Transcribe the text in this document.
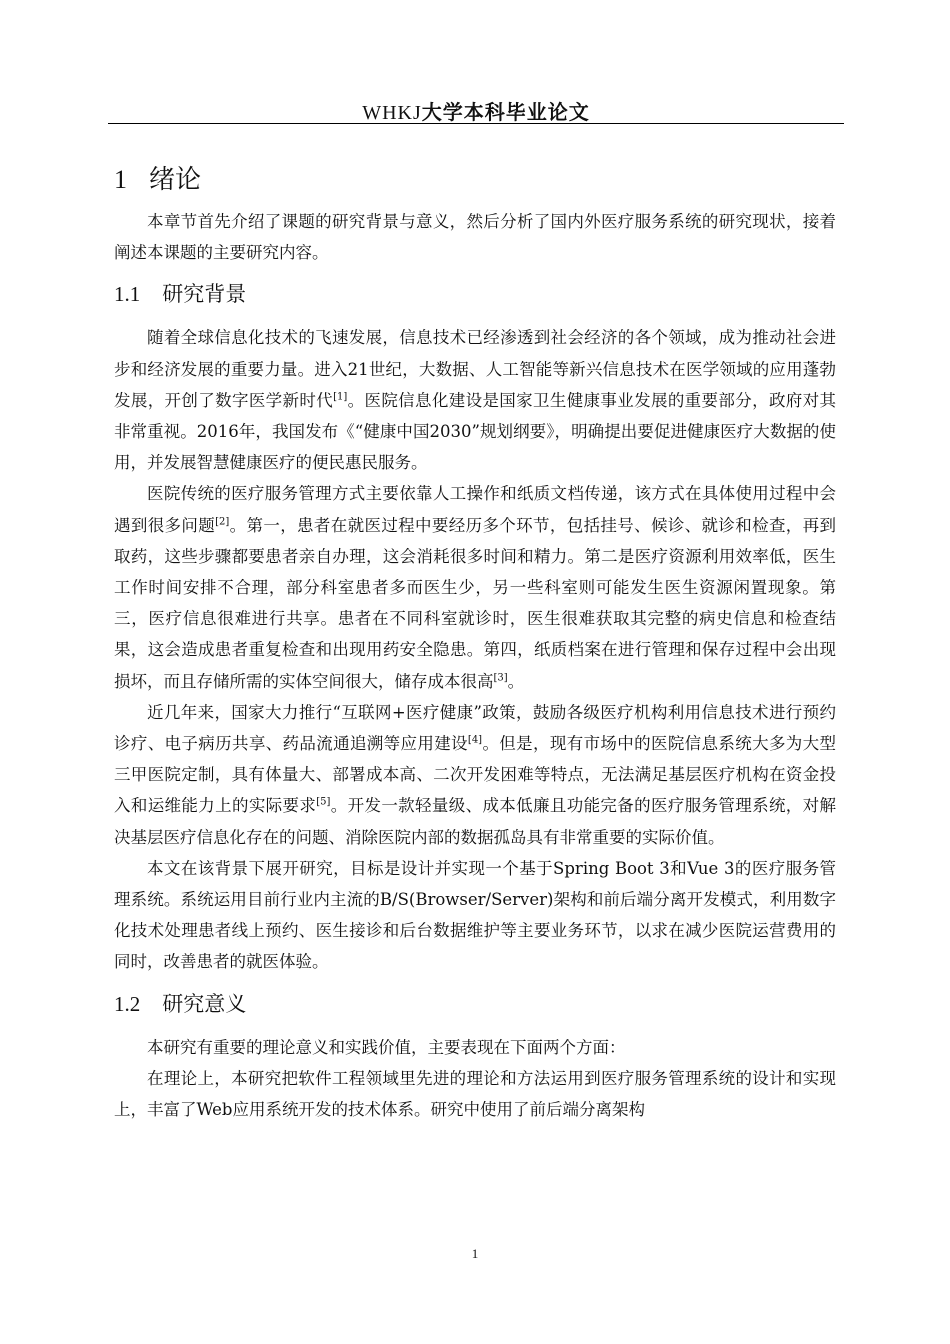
WHKJ大学本科毕业论文
1 绪论

本章节首先介绍了课题的研究背景与意义，然后分析了国内外医疗服务系统的研究现状，接着阐述本课题的主要研究内容。

1.1 研究背景

随着全球信息化技术的飞速发展，信息技术已经渗透到社会经济的各个领域，成为推动社会进步和经济发展的重要力量。进入21世纪，大数据、人工智能等新兴信息技术在医学领域的应用蓬勃发展，开创了数字医学新时代[1]。医院信息化建设是国家卫生健康事业发展的重要部分，政府对其非常重视。2016年，我国发布《“健康中国2030”规划纲要》，明确提出要促进健康医疗大数据的使用，并发展智慧健康医疗的便民惠民服务。

医院传统的医疗服务管理方式主要依靠人工操作和纸质文档传递，该方式在具体使用过程中会遇到很多问题[2]。第一，患者在就医过程中要经历多个环节，包括挂号、候诊、就诊和检查，再到取药，这些步骤都要患者亲自办理，这会消耗很多时间和精力。第二是医疗资源利用效率低，医生工作时间安排不合理，部分科室患者多而医生少，另一些科室则可能发生医生资源闲置现象。第三，医疗信息很难进行共享。患者在不同科室就诊时，医生很难获取其完整的病史信息和检查结果，这会造成患者重复检查和出现用药安全隐患。第四，纸质档案在进行管理和保存过程中会出现损坏，而且存储所需的实体空间很大，储存成本很高[3]。

近几年来，国家大力推行“互联网+医疗健康”政策，鼓励各级医疗机构利用信息技术进行预约诊疗、电子病历共享、药品流通追溯等应用建设[4]。但是，现有市场中的医院信息系统大多为大型三甲医院定制，具有体量大、部署成本高、二次开发困难等特点，无法满足基层医疗机构在资金投入和运维能力上的实际要求[5]。开发一款轻量级、成本低廉且功能完备的医疗服务管理系统，对解决基层医疗信息化存在的问题、消除医院内部的数据孤岛具有非常重要的实际价值。

本文在该背景下展开研究，目标是设计并实现一个基于Spring Boot 3和Vue 3的医疗服务管理系统。系统运用目前行业内主流的B/S(Browser/Server)架构和前后端分离开发模式，利用数字化技术处理患者线上预约、医生接诊和后台数据维护等主要业务环节，以求在减少医院运营费用的同时，改善患者的就医体验。

1.2 研究意义

本研究有重要的理论意义和实践价值，主要表现在下面两个方面：

在理论上，本研究把软件工程领域里先进的理论和方法运用到医疗服务管理系统的设计和实现上，丰富了Web应用系统开发的技术体系。研究中使用了前后端分离架构

1
